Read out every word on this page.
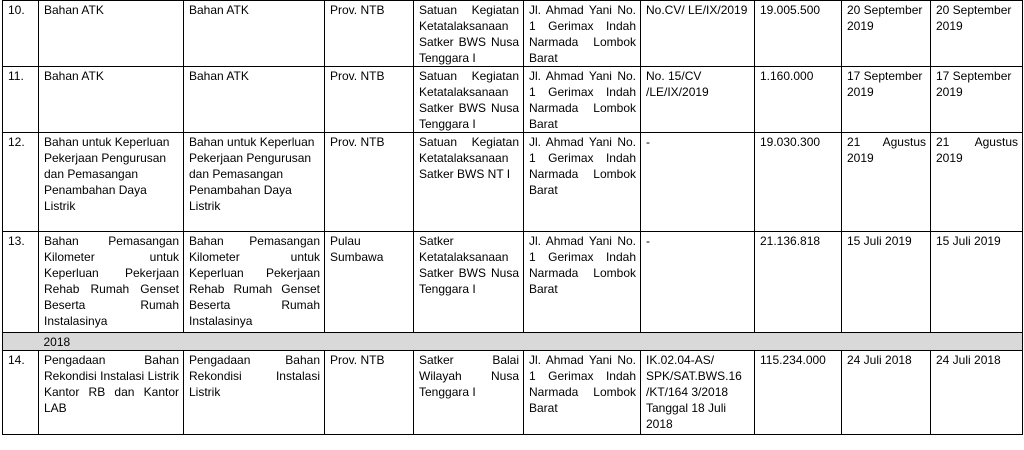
10.	Bahan ATK	Bahan ATK	Prov. NTB	Satuan Kegiatan Ketatalaksanaan Satker BWS Nusa Tenggara I	Jl. Ahmad Yani No. 1 Gerimax Indah Narmada Lombok Barat	No.CV/ LE/IX/2019	19.005.500	20 September 2019	20 September 2019
11.	Bahan ATK	Bahan ATK	Prov. NTB	Satuan Kegiatan Ketatalaksanaan Satker BWS Nusa Tenggara I	Jl. Ahmad Yani No. 1 Gerimax Indah Narmada Lombok Barat	No. 15/CV /LE/IX/2019	1.160.000	17 September 2019	17 September 2019
12.	Bahan untuk Keperluan Pekerjaan Pengurusan dan Pemasangan Penambahan Daya Listrik	Bahan untuk Keperluan Pekerjaan Pengurusan dan Pemasangan Penambahan Daya Listrik	Prov. NTB	Satuan Kegiatan Ketatalaksanaan Satker BWS NT I	Jl. Ahmad Yani No. 1 Gerimax Indah Narmada Lombok Barat	-	19.030.300	21 Agustus 2019	21 Agustus 2019
13.	Bahan Pemasangan Kilometer untuk Keperluan Pekerjaan Rehab Rumah Genset Beserta Rumah Instalasinya	Bahan Pemasangan Kilometer untuk Keperluan Pekerjaan Rehab Rumah Genset Beserta Rumah Instalasinya	Pulau Sumbawa	Satker Ketatalaksanaan Satker BWS Nusa Tenggara I	Jl. Ahmad Yani No. 1 Gerimax Indah Narmada Lombok Barat	-	21.136.818	15 Juli 2019	15 Juli 2019
	2018								
14.	Pengadaan Bahan Rekondisi Instalasi Listrik Kantor RB dan Kantor LAB	Pengadaan Bahan Rekondisi Instalasi Listrik	Prov. NTB	Satker Balai Wilayah Nusa Tenggara I	Jl. Ahmad Yani No. 1 Gerimax Indah Narmada Lombok Barat	IK.02.04-AS/ SPK/SAT.BWS.16 /KT/164 3/2018 Tanggal 18 Juli 2018	115.234.000	24 Juli 2018	24 Juli 2018
